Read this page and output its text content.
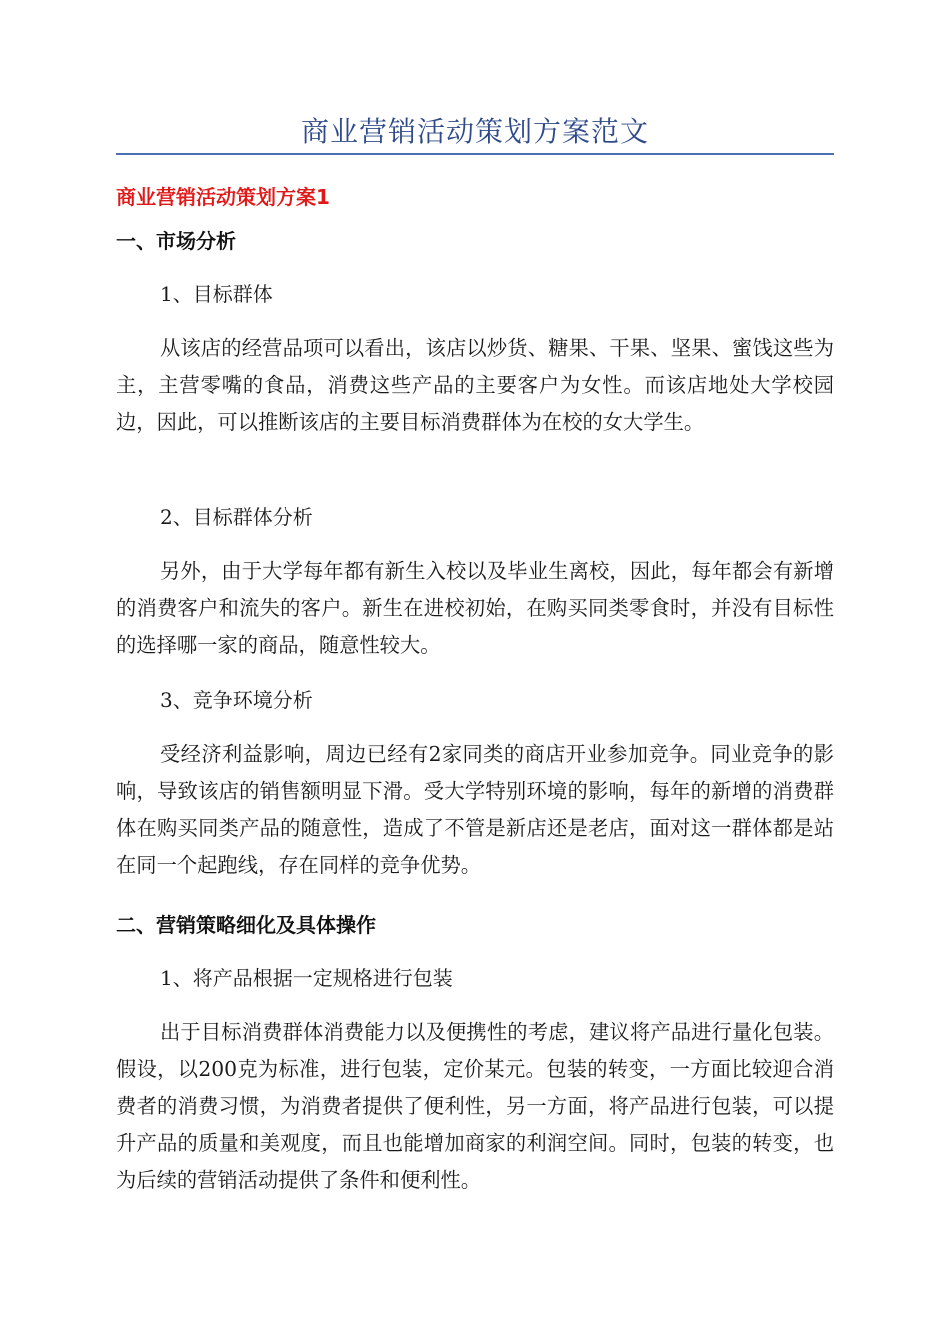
商业营销活动策划方案范文
商业营销活动策划方案1
一、市场分析
1、目标群体
从该店的经营品项可以看出，该店以炒货、糖果、干果、坚果、蜜饯这些为主，主营零嘴的食品，消费这些产品的主要客户为女性。而该店地处大学校园边，因此，可以推断该店的主要目标消费群体为在校的女大学生。
2、目标群体分析
另外，由于大学每年都有新生入校以及毕业生离校，因此，每年都会有新增的消费客户和流失的客户。新生在进校初始，在购买同类零食时，并没有目标性的选择哪一家的商品，随意性较大。
3、竞争环境分析
受经济利益影响，周边已经有2家同类的商店开业参加竞争。同业竞争的影响，导致该店的销售额明显下滑。受大学特别环境的影响，每年的新增的消费群体在购买同类产品的随意性，造成了不管是新店还是老店，面对这一群体都是站在同一个起跑线，存在同样的竞争优势。
二、营销策略细化及具体操作
1、将产品根据一定规格进行包装
出于目标消费群体消费能力以及便携性的考虑，建议将产品进行量化包装。假设，以200克为标准，进行包装，定价某元。包装的转变，一方面比较迎合消费者的消费习惯，为消费者提供了便利性，另一方面，将产品进行包装，可以提升产品的质量和美观度，而且也能增加商家的利润空间。同时，包装的转变，也为后续的营销活动提供了条件和便利性。
